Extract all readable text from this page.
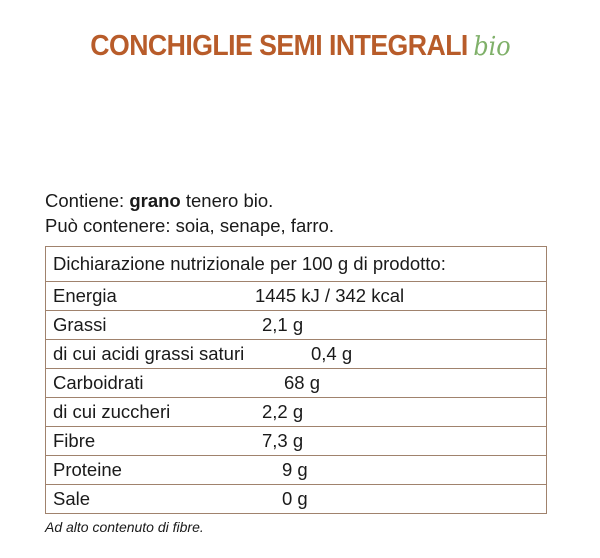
CONCHIGLIE SEMI INTEGRALI bio
Contiene: grano tenero bio.
Può contenere: soia, senape, farro.
Dichiarazione nutrizionale per 100 g di prodotto:

Energia	1445 kJ / 342 kcal

Grassi	2,1 g

di cui acidi grassi saturi	0,4 g

Carboidrati	68 g

di cui zuccheri	2,2 g

Fibre	7,3 g

Proteine	9 g

Sale	0 g
Ad alto contenuto di fibre.
